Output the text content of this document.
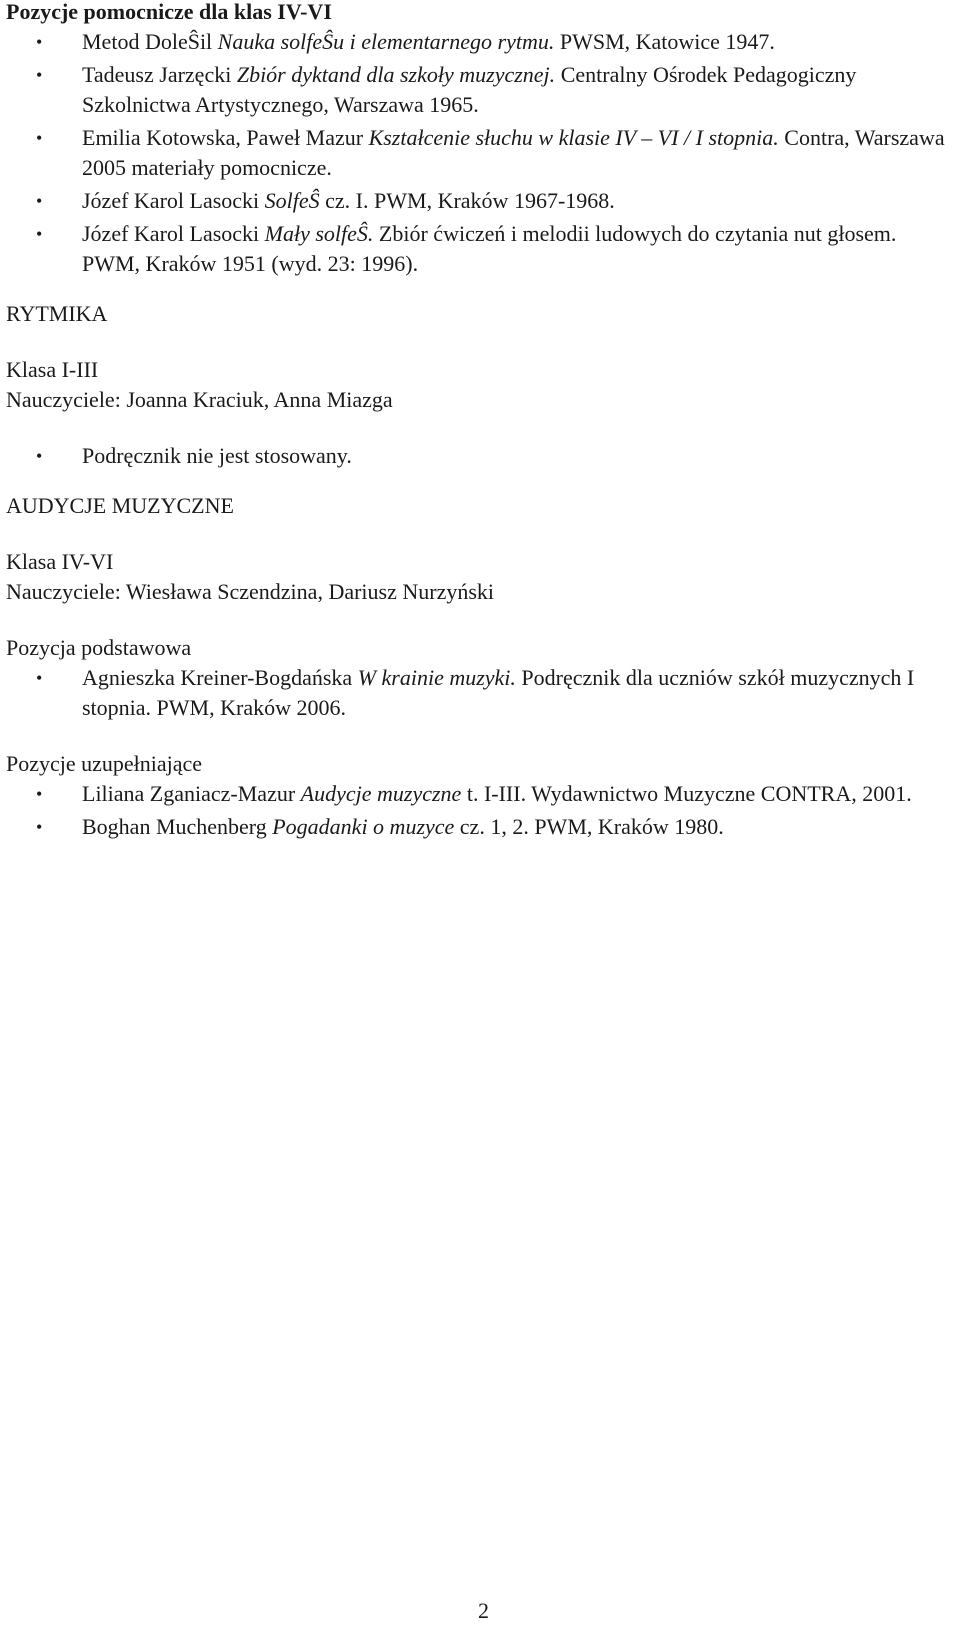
Pozycje pomocnicze dla klas IV-VI

• Metod DoleŜil Nauka solfeŜu i elementarnego rytmu. PWSM, Katowice 1947.
• Tadeusz Jarzęcki Zbiór dyktand dla szkoły muzycznej. Centralny Ośrodek Pedagogiczny Szkolnictwa Artystycznego, Warszawa 1965.
• Emilia Kotowska, Paweł Mazur Kształcenie słuchu w klasie IV – VI / I stopnia. Contra, Warszawa 2005 materiały pomocnicze.
• Józef Karol Lasocki SolfeŜ cz. I. PWM, Kraków 1967-1968.
• Józef Karol Lasocki Mały solfeŜ. Zbiór ćwiczeń i melodii ludowych do czytania nut głosem. PWM, Kraków 1951 (wyd. 23: 1996).

RYTMIKA

Klasa I-III

Nauczyciele: Joanna Kraciuk, Anna Miazga

• Podręcznik nie jest stosowany.

AUDYCJE MUZYCZNE

Klasa IV-VI

Nauczyciele: Wiesława Sczendzina, Dariusz Nurzyński

Pozycja podstawowa

• Agnieszka Kreiner-Bogdańska W krainie muzyki. Podręcznik dla uczniów szkół muzycznych I stopnia. PWM, Kraków 2006.

Pozycje uzupełniające

• Liliana Zganiacz-Mazur Audycje muzyczne t. I-III. Wydawnictwo Muzyczne CONTRA, 2001.
• Boghan Muchenberg Pogadanki o muzyce cz. 1, 2. PWM, Kraków 1980.
2
